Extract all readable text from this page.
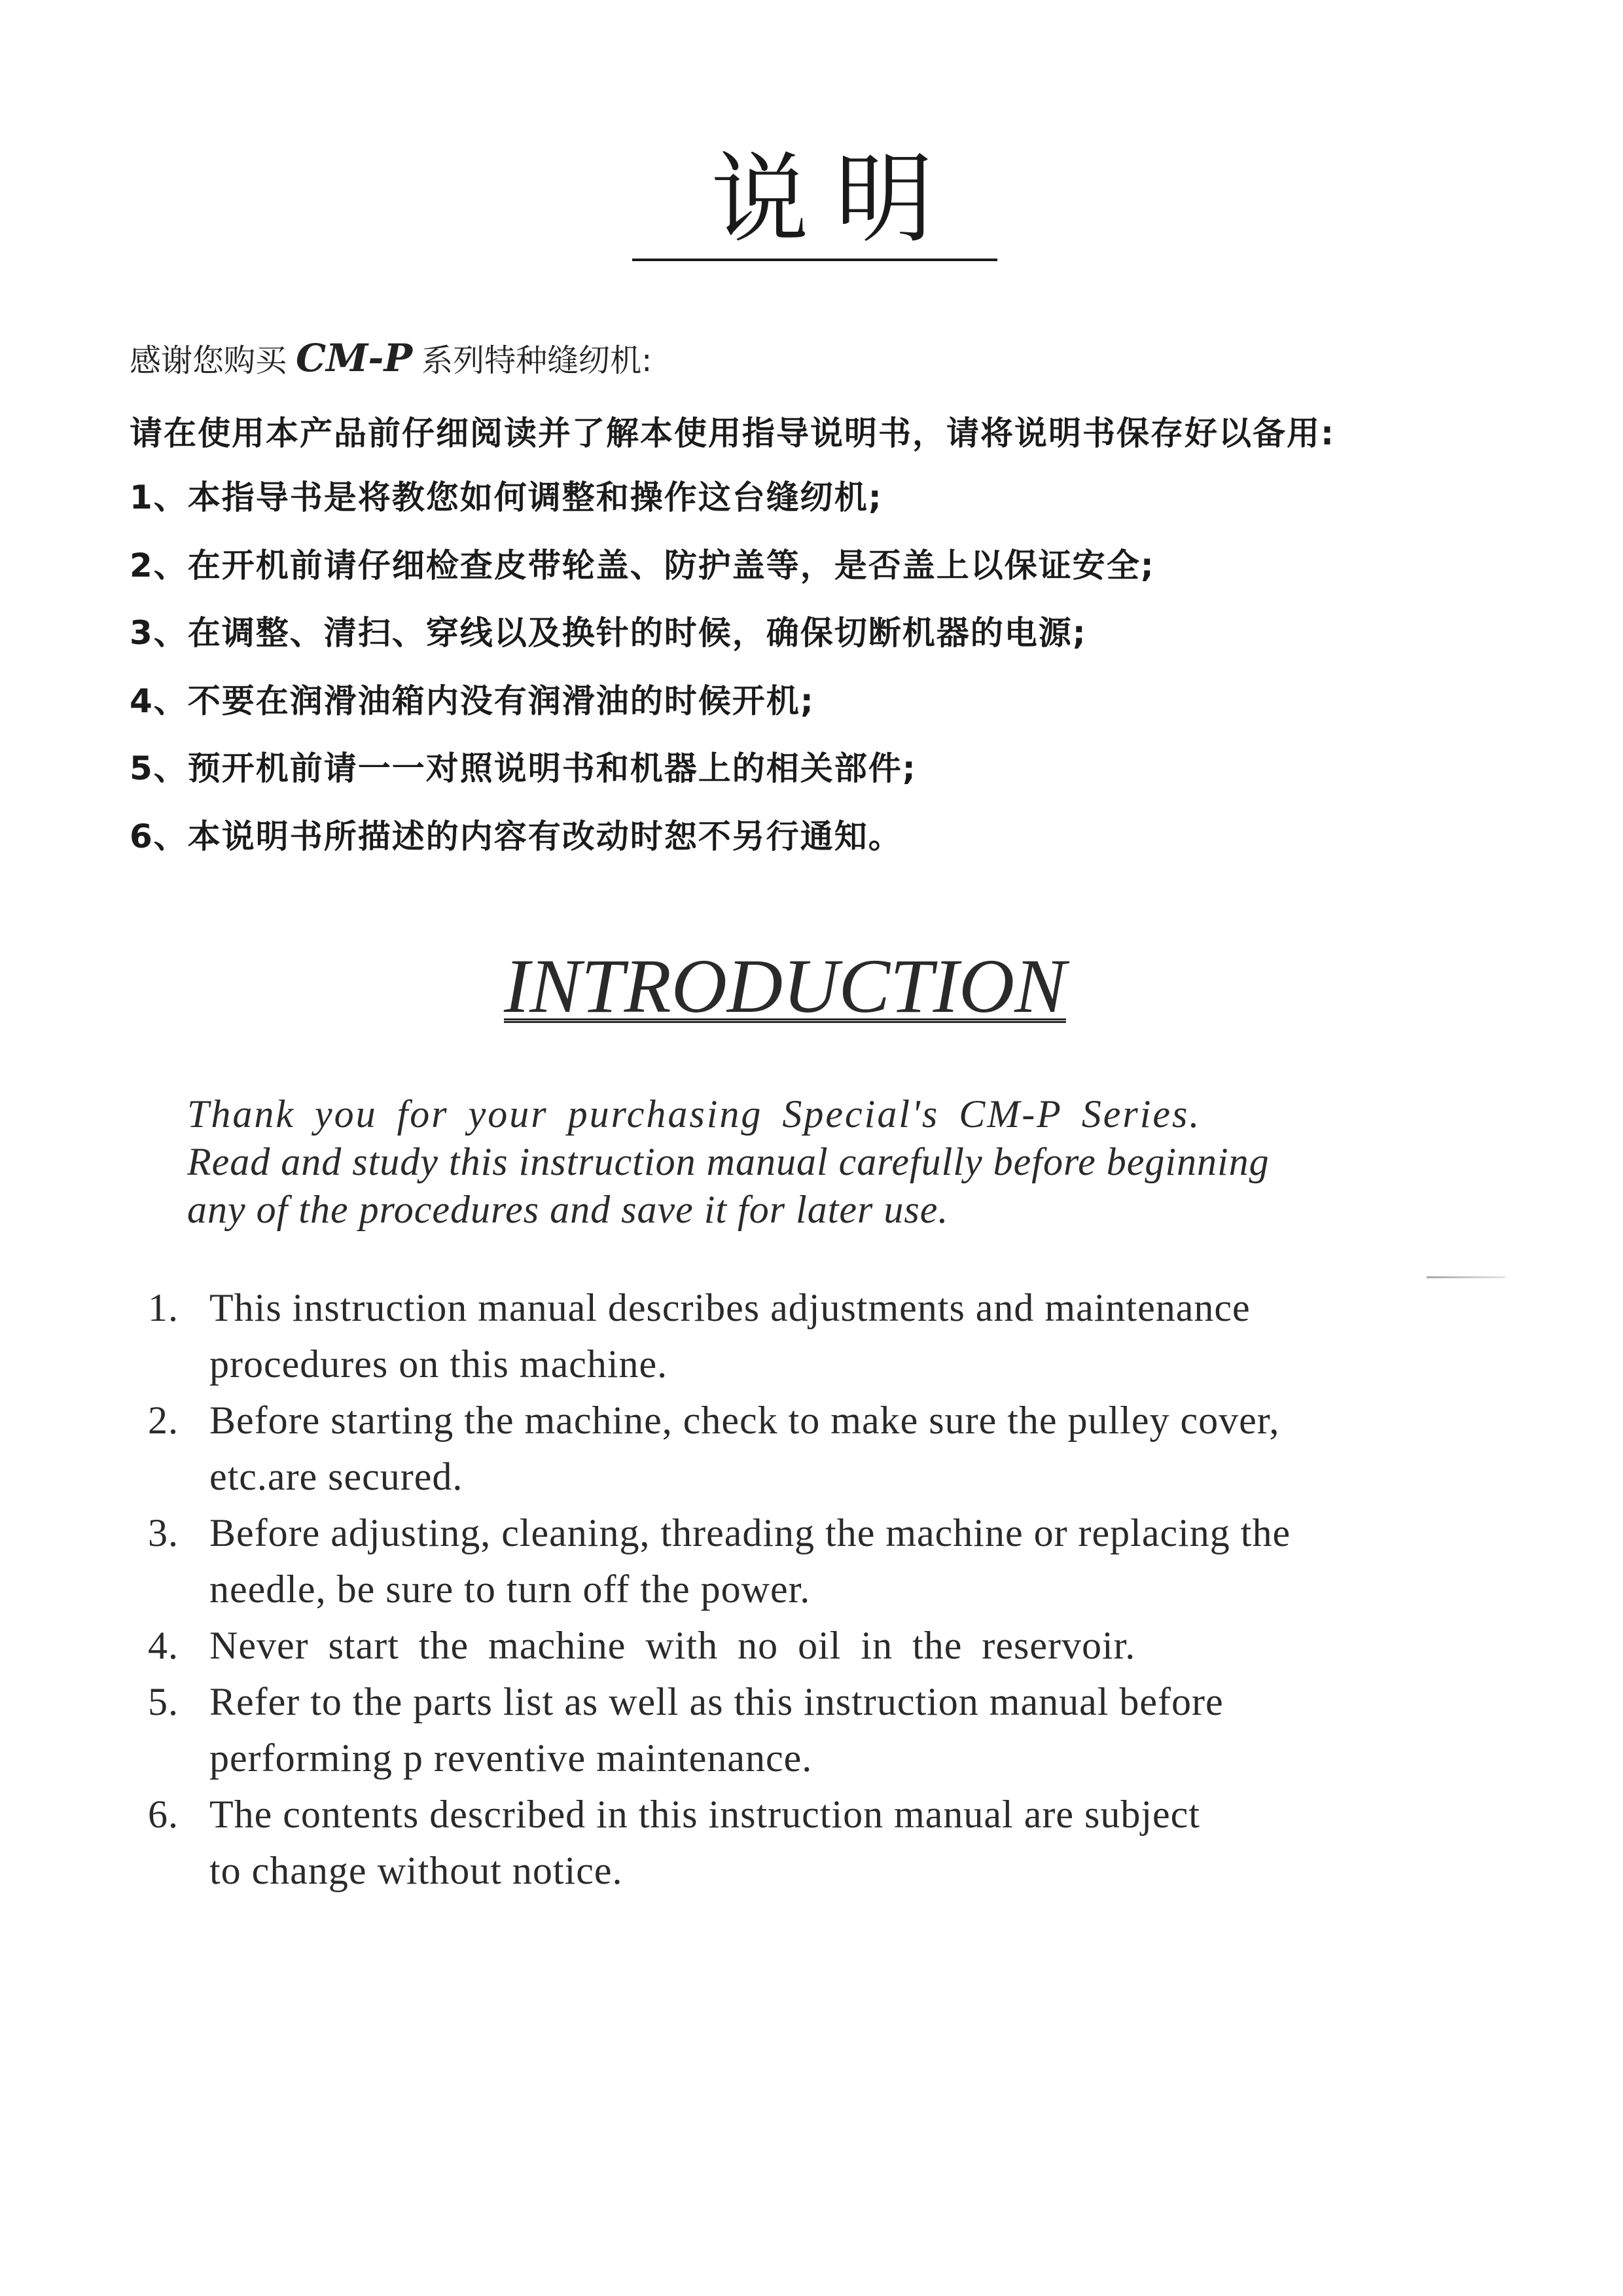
说明
感谢您购买 CM-P 系列特种缝纫机:
请在使用本产品前仔细阅读并了解本使用指导说明书，请将说明书保存好以备用:
1、本指导书是将教您如何调整和操作这台缝纫机;
2、在开机前请仔细检查皮带轮盖、防护盖等，是否盖上以保证安全;
3、在调整、清扫、穿线以及换针的时候，确保切断机器的电源;
4、不要在润滑油箱内没有润滑油的时候开机;
5、预开机前请一一对照说明书和机器上的相关部件;
6、本说明书所描述的内容有改动时恕不另行通知。
INTRODUCTION
Thank you for your purchasing Special's CM-P Series.
Read and study this instruction manual carefully before beginning
any of the procedures and save it for later use.
1. This instruction manual describes adjustments and maintenance
procedures on this machine.
2. Before starting the machine, check to make sure the pulley cover,
etc.are secured.
3. Before adjusting, cleaning, threading the machine or replacing the
needle, be sure to turn off the power.
4. Never start the machine with no oil in the reservoir.
5. Refer to the parts list as well as this instruction manual before
performing p reventive maintenance.
6. The contents described in this instruction manual are subject
to change without notice.
